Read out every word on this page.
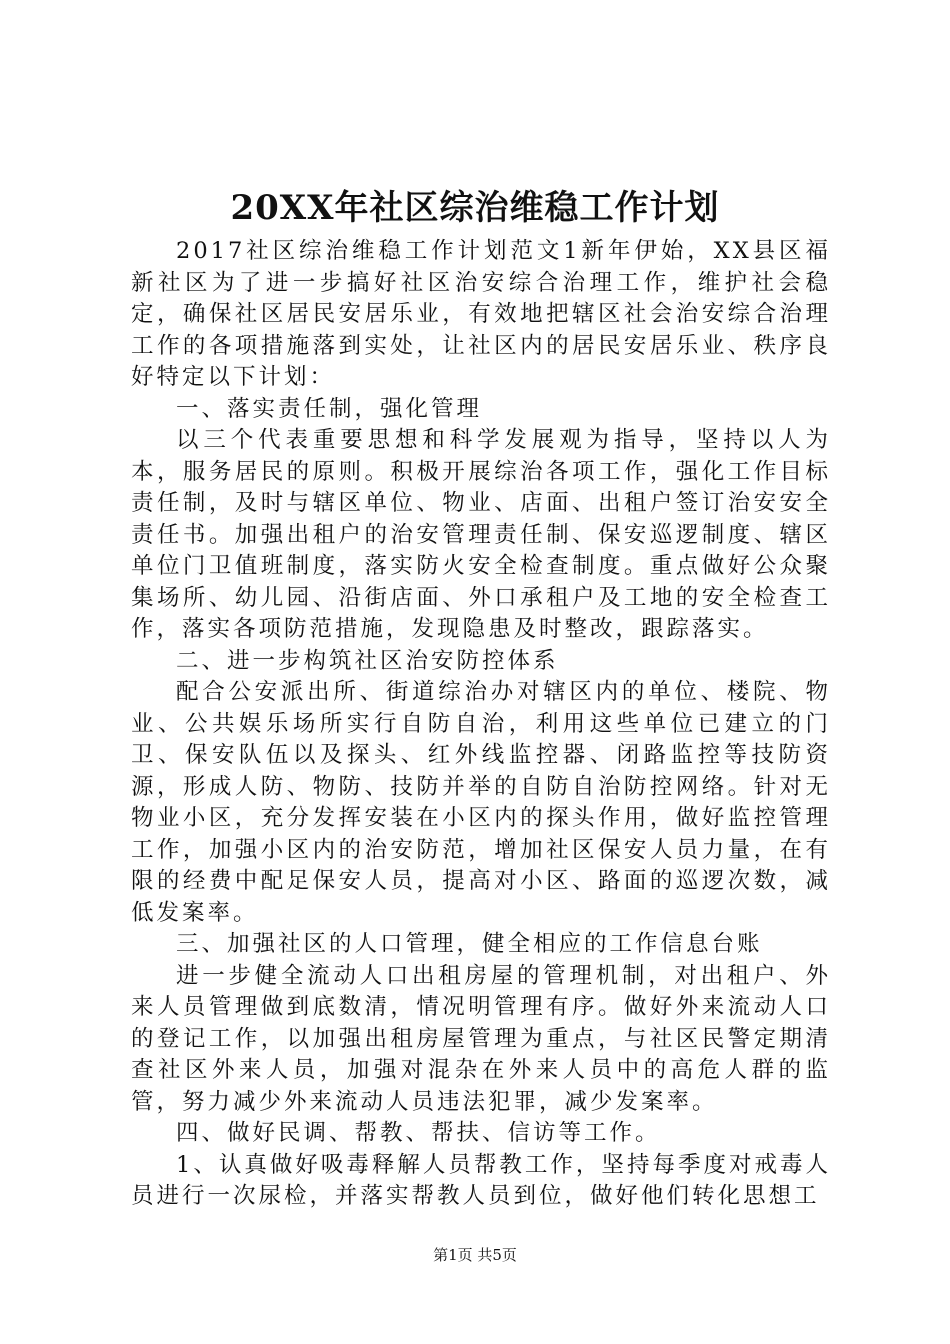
20XX年社区综治维稳工作计划

2017社区综治维稳工作计划范文1新年伊始，XX县区福新社区为了进一步搞好社区治安综合治理工作，维护社会稳定，确保社区居民安居乐业，有效地把辖区社会治安综合治理工作的各项措施落到实处，让社区内的居民安居乐业、秩序良好特定以下计划：

一、落实责任制，强化管理

以三个代表重要思想和科学发展观为指导，坚持以人为本，服务居民的原则。积极开展综治各项工作，强化工作目标责任制，及时与辖区单位、物业、店面、出租户签订治安安全责任书。加强出租户的治安管理责任制、保安巡逻制度、辖区单位门卫值班制度，落实防火安全检查制度。重点做好公众聚集场所、幼儿园、沿街店面、外口承租户及工地的安全检查工作，落实各项防范措施，发现隐患及时整改，跟踪落实。

二、进一步构筑社区治安防控体系

配合公安派出所、街道综治办对辖区内的单位、楼院、物业、公共娱乐场所实行自防自治，利用这些单位已建立的门卫、保安队伍以及探头、红外线监控器、闭路监控等技防资源，形成人防、物防、技防并举的自防自治防控网络。针对无物业小区，充分发挥安装在小区内的探头作用，做好监控管理工作，加强小区内的治安防范，增加社区保安人员力量，在有限的经费中配足保安人员，提高对小区、路面的巡逻次数，减低发案率。

三、加强社区的人口管理，健全相应的工作信息台账

进一步健全流动人口出租房屋的管理机制，对出租户、外来人员管理做到底数清，情况明管理有序。做好外来流动人口的登记工作，以加强出租房屋管理为重点，与社区民警定期清查社区外来人员，加强对混杂在外来人员中的高危人群的监管，努力减少外来流动人员违法犯罪，减少发案率。

四、做好民调、帮教、帮扶、信访等工作。

1、认真做好吸毒释解人员帮教工作，坚持每季度对戒毒人员进行一次尿检，并落实帮教人员到位，做好他们转化思想工

第1页 共5页
